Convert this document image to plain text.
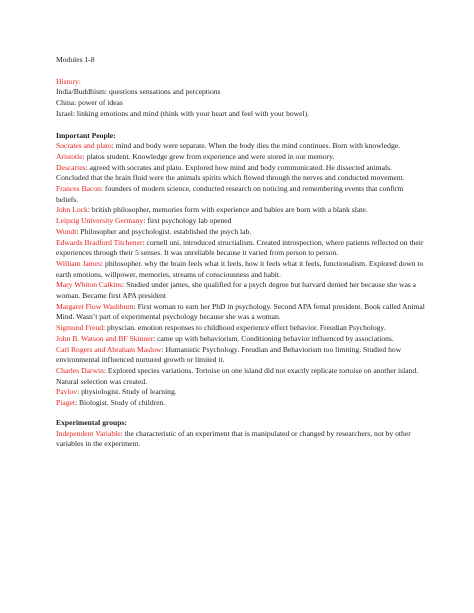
Modules 1-8
History:
India/Buddhism: questions sensations and perceptions
China: power of ideas
Israel: linking emotions and mind (think with your heart and feel with your bowel).
Important People:
Socrates and plato: mind and body were separate. When the body dies the mind continues. Born with knowledge.
Aristotle: platos student. Knowledge grew from experience and were stored in our memory.
Descartes: agreed with socrates and plato. Explored how mind and body communicated. He dissected animals. Concluded that the brain fluid were the animals spirits which flowed through the nerves and conducted movement.
Frances Bacon: founders of modern science, conducted research on noticing and remembering events that confirm beliefs.
John Lock: british philosopher, memories form with experience and babies are born with a blank slate.
Leipzig University Germany: first psychology lab opened
Wundt: Philosopher and psychologist. established the psych lab.
Edwards Bradford Titchener: cornell uni, introduced structialism. Created introspection, where patients reflected on their experiences through their 5 senses. It was unreliable because it varied from person to person.
William James: philosopher. why the brain feels what it feels, how it feels what it feels, functionalism. Explored down to earth emotions, willpower, memories, streams of consciousness and habit.
Mary Whiton Calkins: Studied under james, she qualified for a psych degree but harvard denied her because she was a woman. Became first APA president
Margaret Flow Washburn: First woman to earn her PhD in psychology. Second APA femal president. Book called Animal Mind. Wasn’t part of experimental psychology because she was a woman.
Sigmund Freud: physcian. emotion responses to childhood experience effect behavior. Freudian Psychology.
John B. Watson and BF Skinner: came up with behaviorism. Conditioning behavior influenced by associations.
Carl Rogers and Abraham Maslow: Humanistic Psychology. Freudian and Behaviorism too limiting. Studied how environmental influenced nurtured growth or limited it.
Charles Darwin: Explored species variations. Tortoise on one island did not exactly replicate tortoise on another island. Natural selection was created.
Pavlov: physiologist. Study of learning.
Piaget: Biologist. Study of children.
Experimental groups:
Independent Variable: the characteristic of an experiment that is manipulated or changed by researchers, not by other variables in the experiment.
